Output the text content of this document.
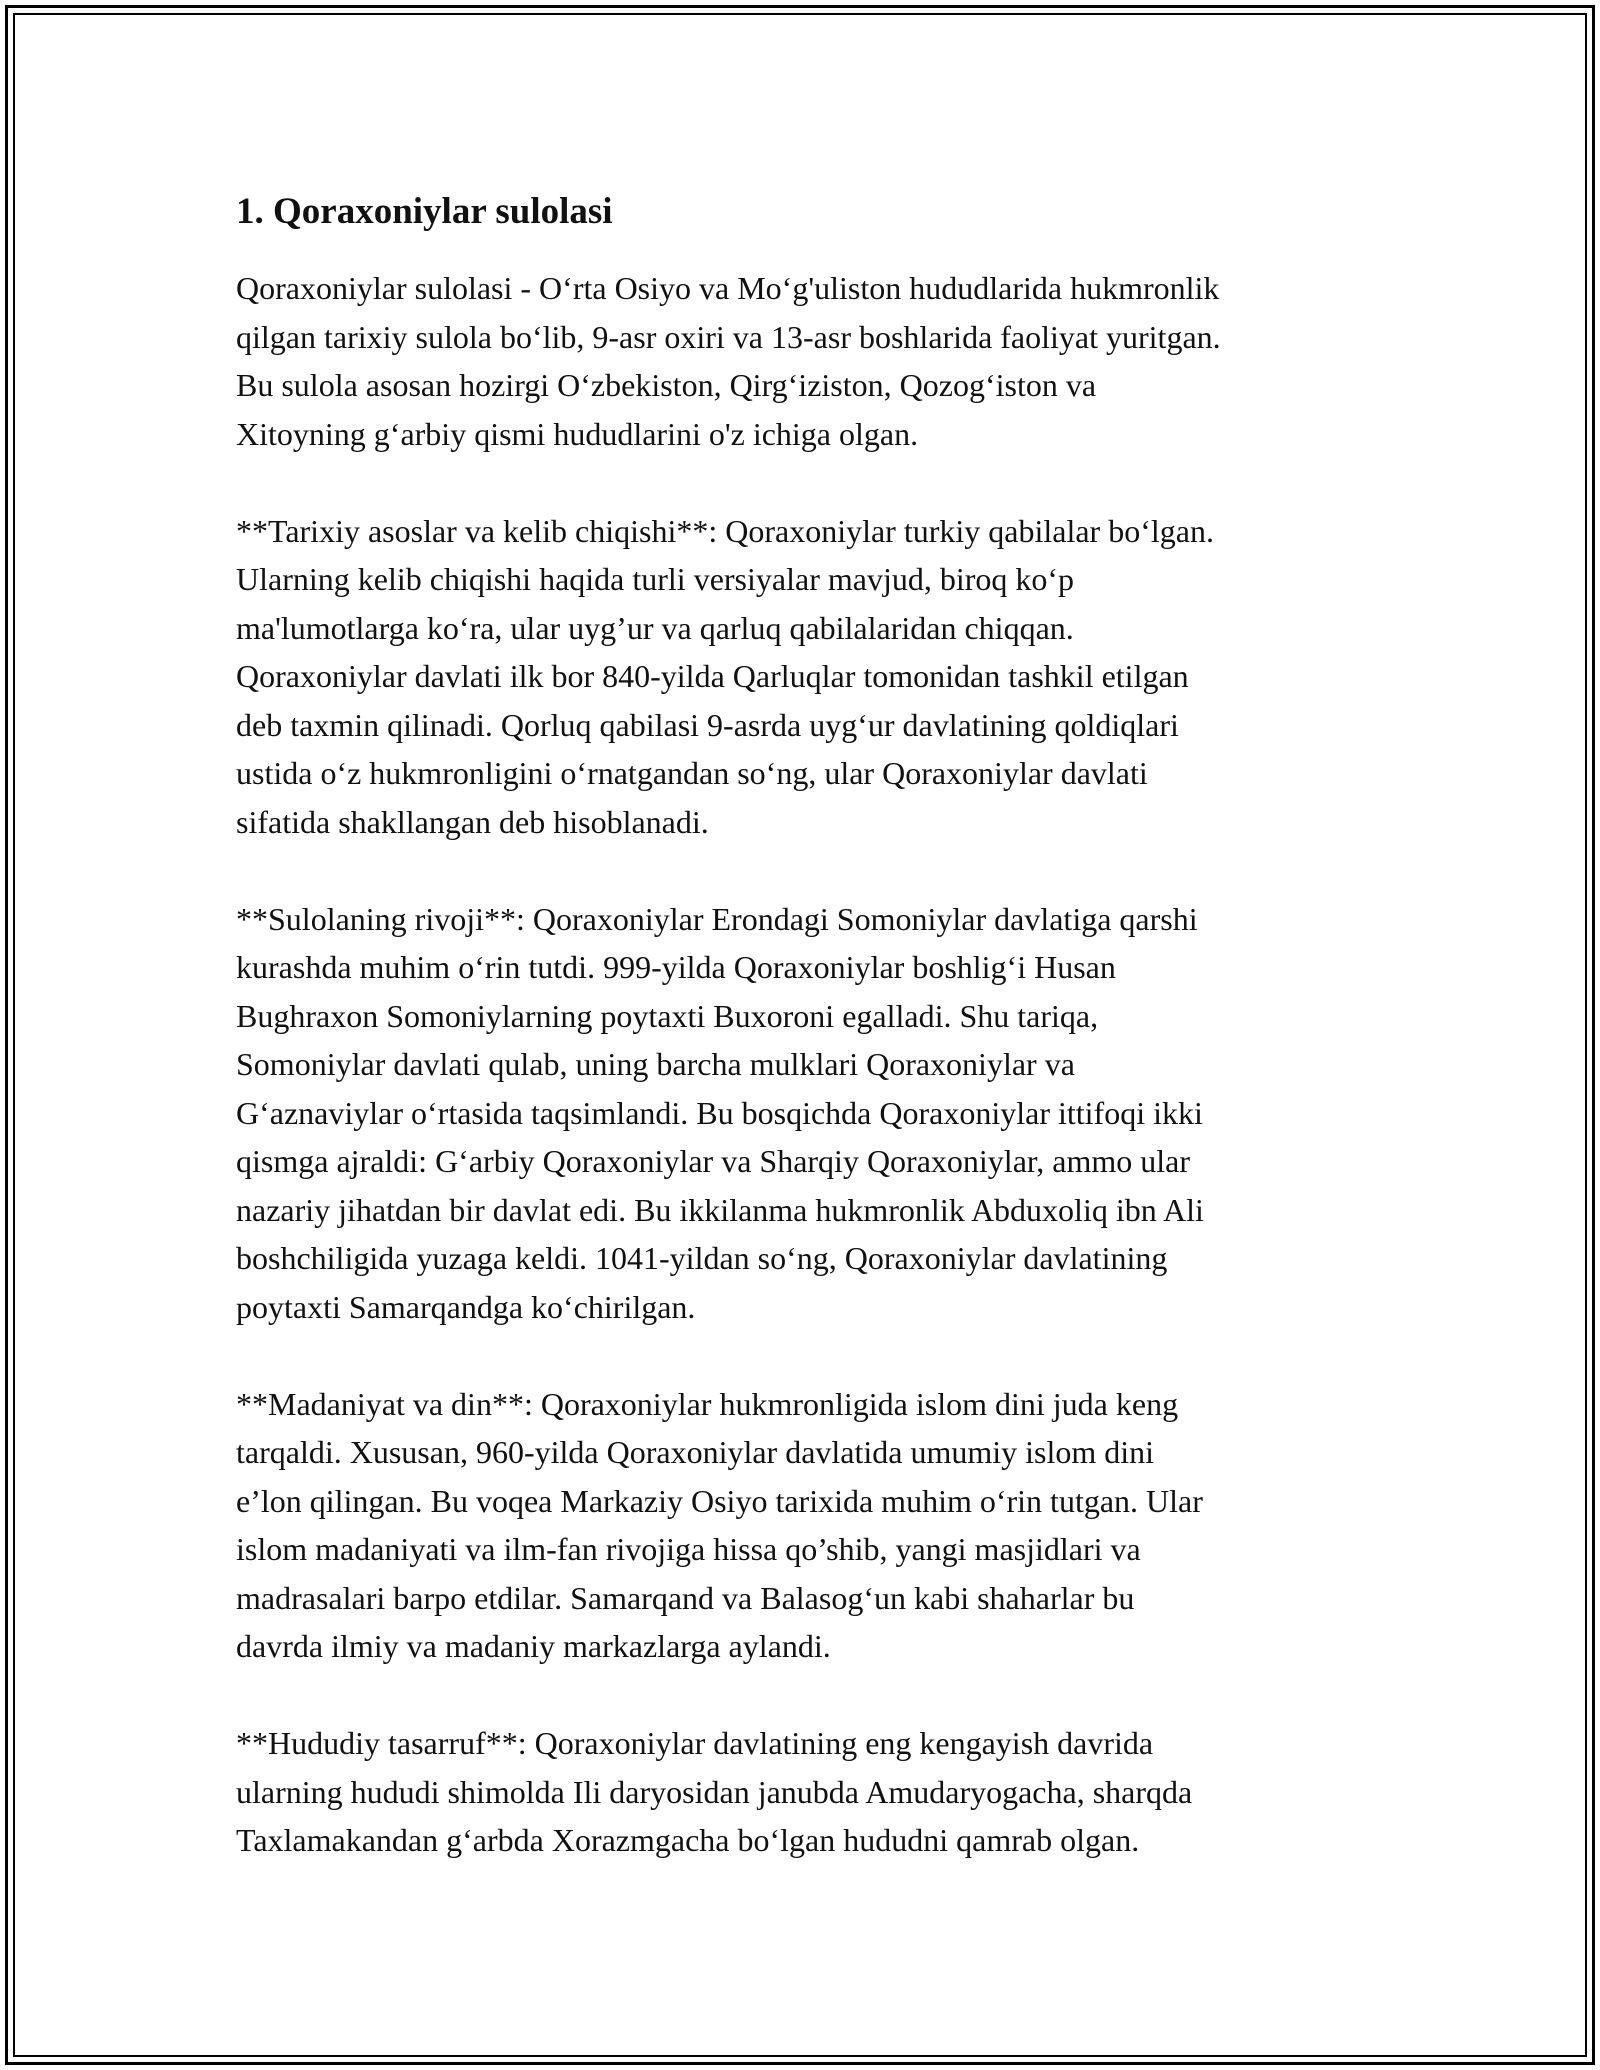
1. Qoraxoniylar sulolasi

Qoraxoniylar sulolasi - O‘rta Osiyo va Mo‘g'uliston hududlarida hukmronlik
qilgan tarixiy sulola bo‘lib, 9-asr oxiri va 13-asr boshlarida faoliyat yuritgan.
Bu sulola asosan hozirgi O‘zbekiston, Qirg‘iziston, Qozog‘iston va
Xitoyning g‘arbiy qismi hududlarini o'z ichiga olgan.

**Tarixiy asoslar va kelib chiqishi**: Qoraxoniylar turkiy qabilalar bo‘lgan.
Ularning kelib chiqishi haqida turli versiyalar mavjud, biroq ko‘p
ma'lumotlarga ko‘ra, ular uyg’ur va qarluq qabilalaridan chiqqan.
Qoraxoniylar davlati ilk bor 840-yilda Qarluqlar tomonidan tashkil etilgan
deb taxmin qilinadi. Qorluq qabilasi 9-asrda uyg‘ur davlatining qoldiqlari
ustida o‘z hukmronligini o‘rnatgandan so‘ng, ular Qoraxoniylar davlati
sifatida shakllangan deb hisoblanadi.

**Sulolaning rivoji**: Qoraxoniylar Erondagi Somoniylar davlatiga qarshi
kurashda muhim o‘rin tutdi. 999-yilda Qoraxoniylar boshlig‘i Husan
Bughraxon Somoniylarning poytaxti Buxoroni egalladi. Shu tariqa,
Somoniylar davlati qulab, uning barcha mulklari Qoraxoniylar va
G‘aznaviylar o‘rtasida taqsimlandi. Bu bosqichda Qoraxoniylar ittifoqi ikki
qismga ajraldi: G‘arbiy Qoraxoniylar va Sharqiy Qoraxoniylar, ammo ular
nazariy jihatdan bir davlat edi. Bu ikkilanma hukmronlik Abduxoliq ibn Ali
boshchiligida yuzaga keldi. 1041-yildan so‘ng, Qoraxoniylar davlatining
poytaxti Samarqandga ko‘chirilgan.

**Madaniyat va din**: Qoraxoniylar hukmronligida islom dini juda keng
tarqaldi. Xususan, 960-yilda Qoraxoniylar davlatida umumiy islom dini
e’lon qilingan. Bu voqea Markaziy Osiyo tarixida muhim o‘rin tutgan. Ular
islom madaniyati va ilm-fan rivojiga hissa qo’shib, yangi masjidlari va
madrasalari barpo etdilar. Samarqand va Balasog‘un kabi shaharlar bu
davrda ilmiy va madaniy markazlarga aylandi.

**Hududiy tasarruf**: Qoraxoniylar davlatining eng kengayish davrida
ularning hududi shimolda Ili daryosidan janubda Amudaryogacha, sharqda
Taxlamakandan g‘arbda Xorazmgacha bo‘lgan hududni qamrab olgan.
